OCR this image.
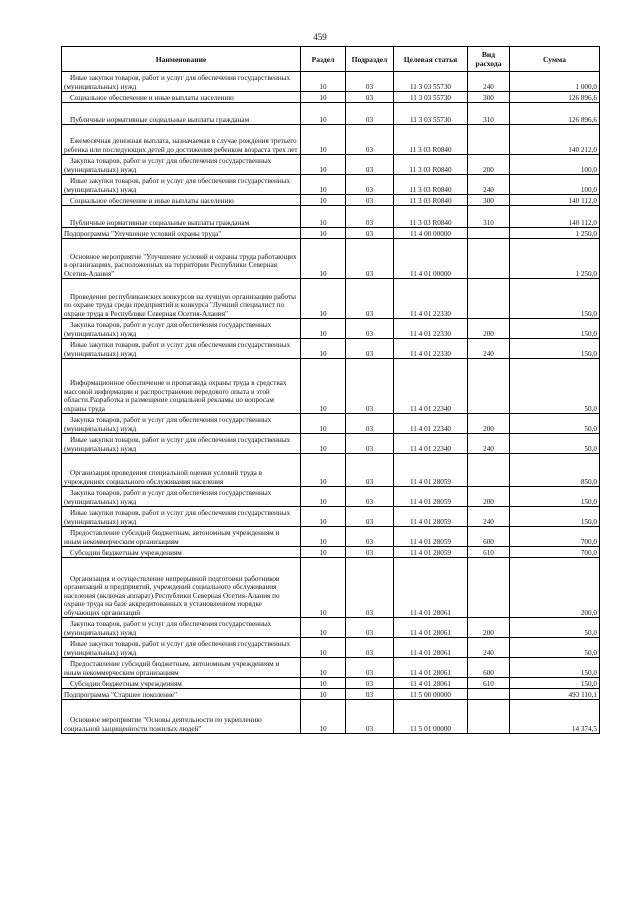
459
Наименование	Раздел	Подраздел	Целевая статья	Вид расхода	Сумма
Иные закупки товаров, работ и услуг для обеспечения государственных (муниципальных) нужд	10	03	11 3 03 55730	240	1 000,0
Социальное обеспечение и иные выплаты населению	10	03	11 3 03 55730	300	126 896,6
Публичные нормативные социальные выплаты гражданам	10	03	11 3 03 55730	310	126 896,6
Ежемесячная денежная выплата, назначаемая в случае рождения третьего ребенка или последующих детей до достижения ребенком возраста трех лет	10	03	11 3 03 R0840		140 212,0
Закупка товаров, работ и услуг для обеспечения государственных (муниципальных) нужд	10	03	11 3 03 R0840	200	100,0
Иные закупки товаров, работ и услуг для обеспечения государственных (муниципальных) нужд	10	03	11 3 03 R0840	240	100,0
Социальное обеспечение и иные выплаты населению	10	03	11 3 03 R0840	300	140 112,0
Публичные нормативные социальные выплаты гражданам	10	03	11 3 03 R0840	310	140 112,0
Подпрограмма "Улучшение условий охраны труда"	10	03	11 4 00 00000		1 250,0
Основное мероприятие "Улучшение условий и охраны труда работающих в организациях, расположенных на территории Республики Северная Осетия-Алания"	10	03	11 4 01 00000		1 250,0
Проведение республиканских конкурсов на лучшую организацию работы по охране труда среди предприятий и конкурса "Лучший специалист по охране труда в Республике Северная Осетия-Алания"	10	03	11 4 01 22330		150,0
Закупка товаров, работ и услуг для обеспечения государственных (муниципальных) нужд	10	03	11 4 01 22330	200	150,0
Иные закупки товаров, работ и услуг для обеспечения государственных (муниципальных) нужд	10	03	11 4 01 22330	240	150,0
Информационное обеспечение и пропаганда охраны труда в средствах массовой информации и распространение передового опыта в этой области.Разработка и размещение социальной рекламы по вопросам охраны труда	10	03	11 4 01 22340		50,0
Закупка товаров, работ и услуг для обеспечения государственных (муниципальных) нужд	10	03	11 4 01 22340	200	50,0
Иные закупки товаров, работ и услуг для обеспечения государственных (муниципальных) нужд	10	03	11 4 01 22340	240	50,0
Организация проведения специальной оценки условий труда в учреждениях социального обслуживания населения	10	03	11 4 01 28059		850,0
Закупка товаров, работ и услуг для обеспечения государственных (муниципальных) нужд	10	03	11 4 01 28059	200	150,0
Иные закупки товаров, работ и услуг для обеспечения государственных (муниципальных) нужд	10	03	11 4 01 28059	240	150,0
Предоставление субсидий бюджетным, автономным учреждениям и иным некоммерческим организациям	10	03	11 4 01 28059	600	700,0
Субсидии бюджетным учреждениям	10	03	11 4 01 28059	610	700,0
Организация и осуществление непрерывной подготовки работников организаций и предприятий, учреждений социального обслуживания населения (включая аппарат) Республики Северная Осетия-Алания по охране труда на базе аккредитованных в установленном порядке обучающих организаций	10	03	11 4 01 28061		200,0
Закупка товаров, работ и услуг для обеспечения государственных (муниципальных) нужд	10	03	11 4 01 28061	200	50,0
Иные закупки товаров, работ и услуг для обеспечения государственных (муниципальных) нужд	10	03	11 4 01 28061	240	50,0
Предоставление субсидий бюджетным, автономным учреждениям и иным некоммерческим организациям	10	03	11 4 01 28061	600	150,0
Субсидии бюджетным учреждениям	10	03	11 4 01 28061	610	150,0
Подпрограмма "Старшее поколение"	10	03	11 5 00 00000		493 110,1
Основное мероприятие "Основы деятельности по укреплению социальной защищенности пожилых людей"	10	03	11 5 01 00000		14 374,5
